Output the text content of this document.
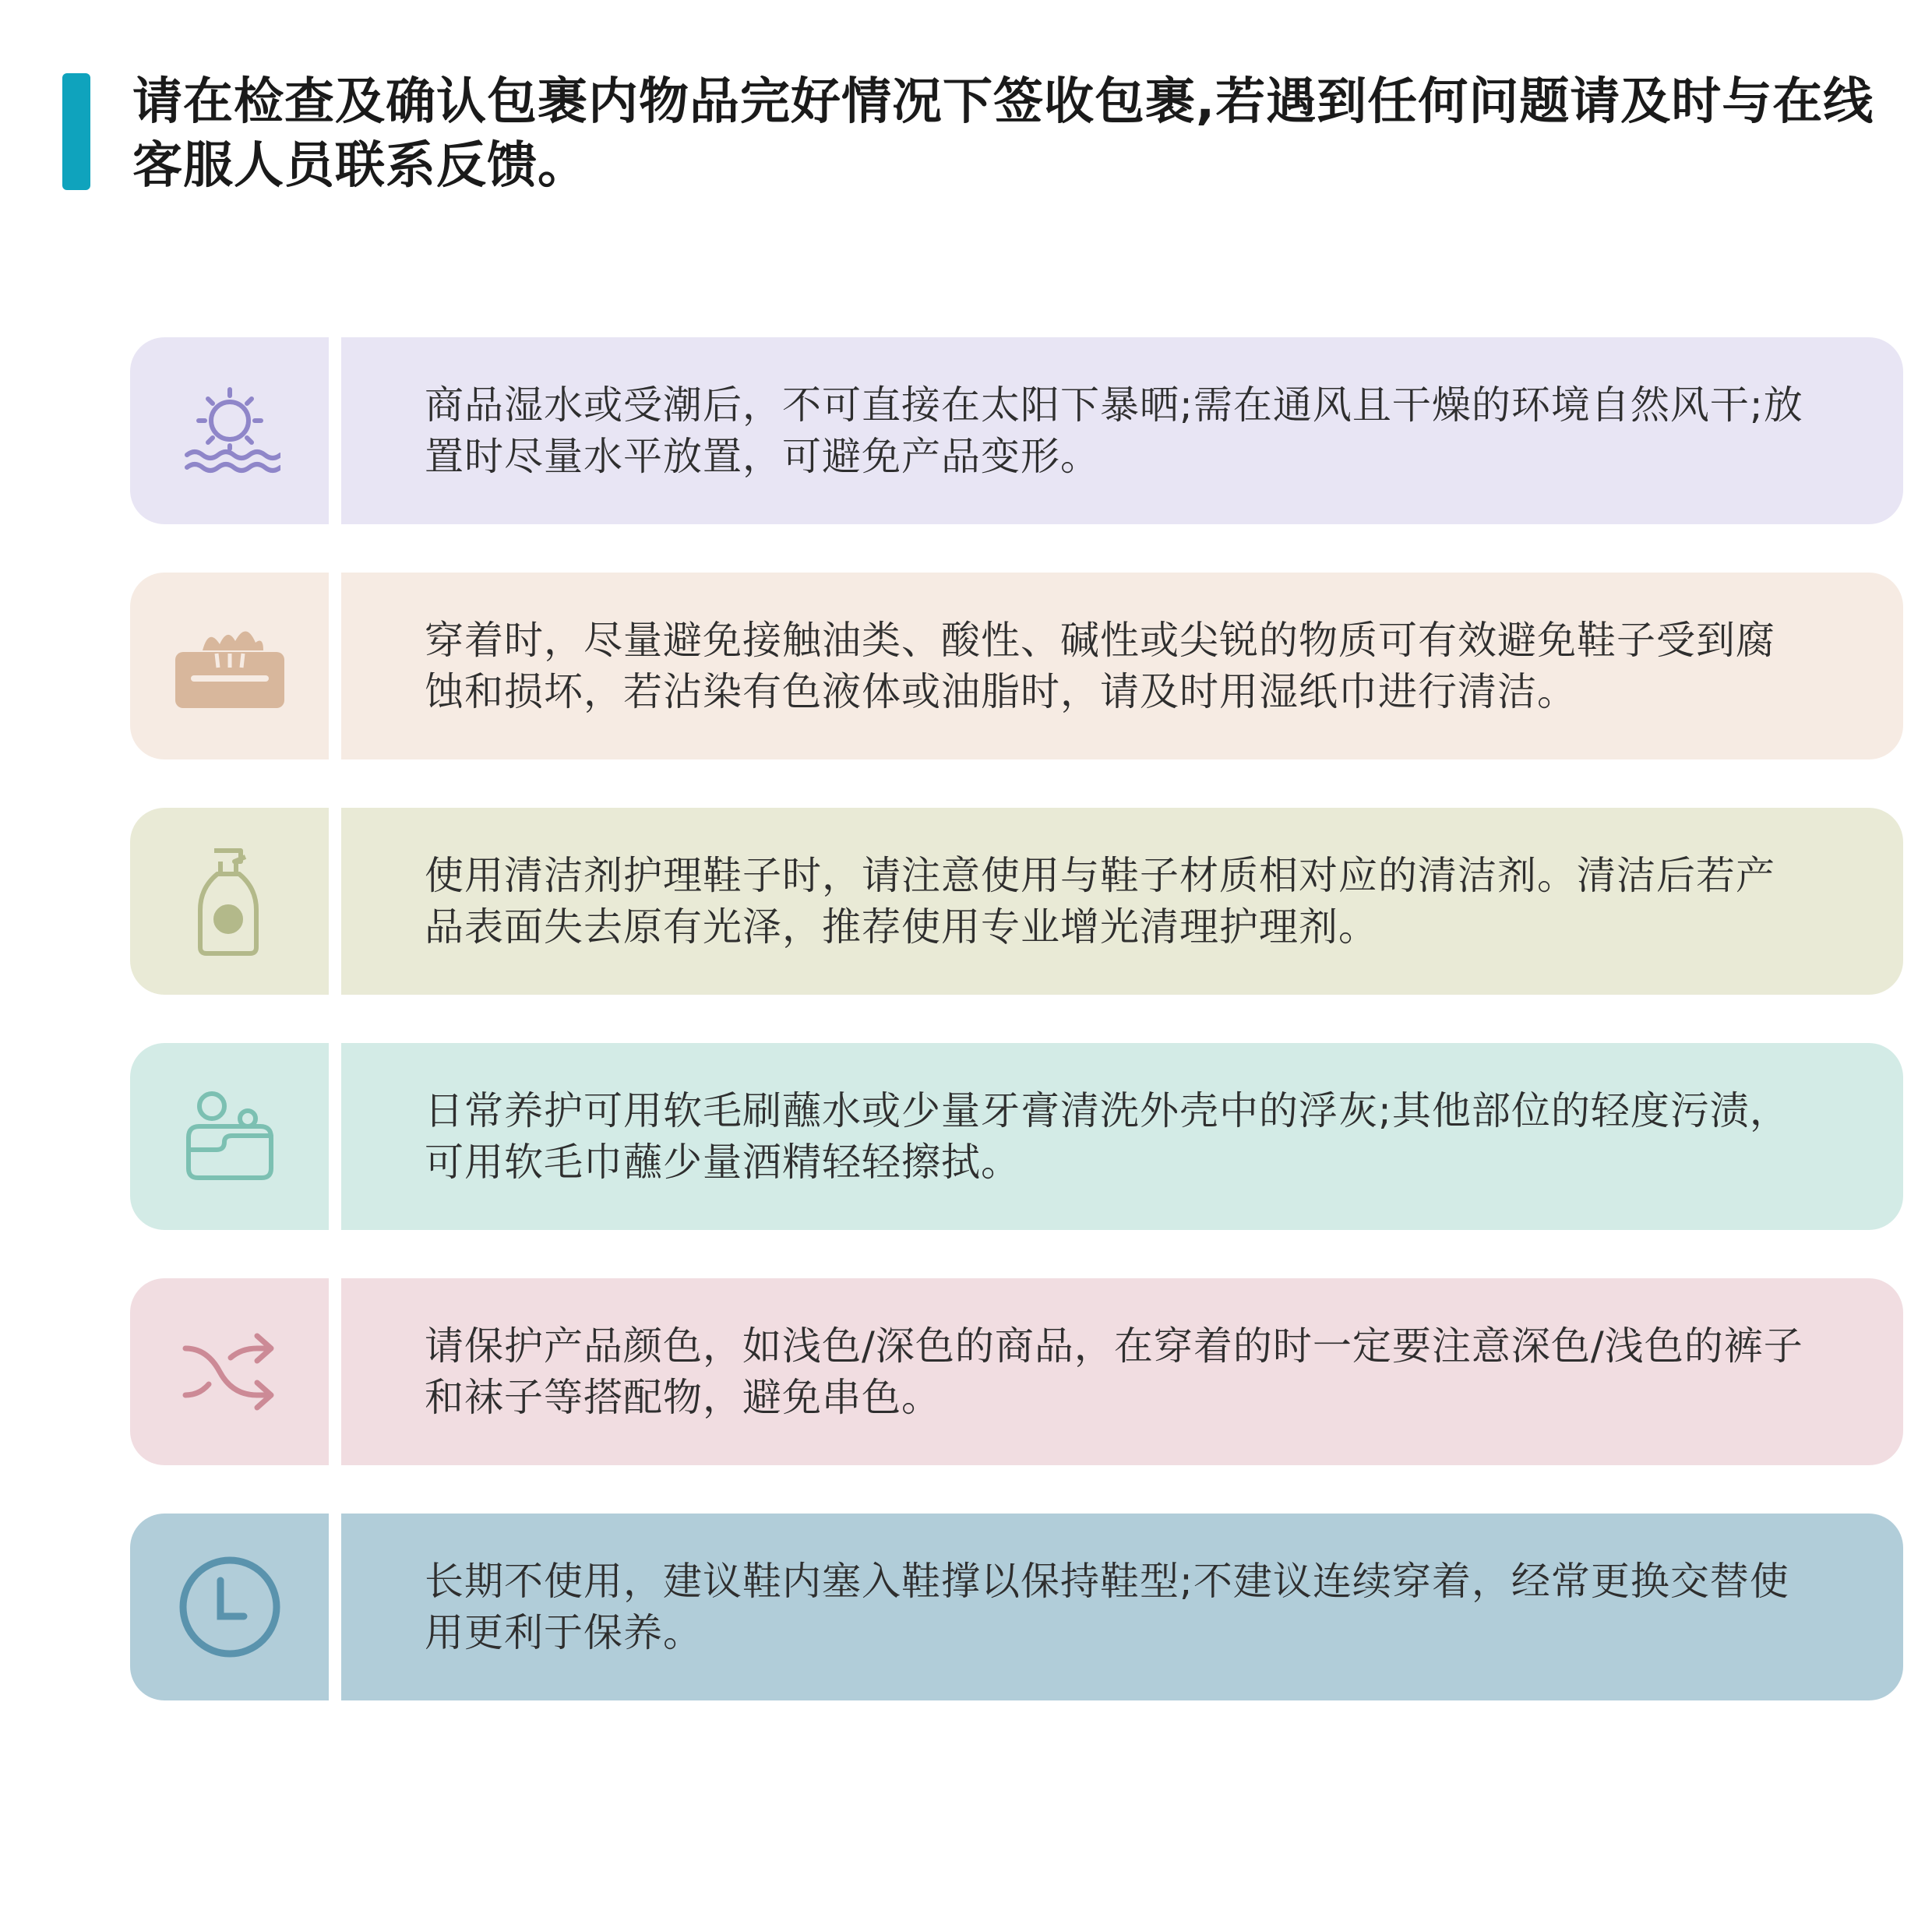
请在检查及确认包裹内物品完好情况下签收包裹,若遇到任何问题请及时与在线客服人员联系反馈。
商品湿水或受潮后，不可直接在太阳下暴晒;需在通风且干燥的环境自然风干;放置时尽量水平放置，可避免产品变形。
穿着时，尽量避免接触油类、酸性、碱性或尖锐的物质可有效避免鞋子受到腐蚀和损坏，若沾染有色液体或油脂时，请及时用湿纸巾进行清洁。
使用清洁剂护理鞋子时，请注意使用与鞋子材质相对应的清洁剂。清洁后若产品表面失去原有光泽，推荐使用专业增光清理护理剂。
日常养护可用软毛刷蘸水或少量牙膏清洗外壳中的浮灰;其他部位的轻度污渍，可用软毛巾蘸少量酒精轻轻擦拭。
请保护产品颜色，如浅色/深色的商品，在穿着的时一定要注意深色/浅色的裤子和袜子等搭配物，避免串色。
长期不使用，建议鞋内塞入鞋撑以保持鞋型;不建议连续穿着，经常更换交替使用更利于保养。
